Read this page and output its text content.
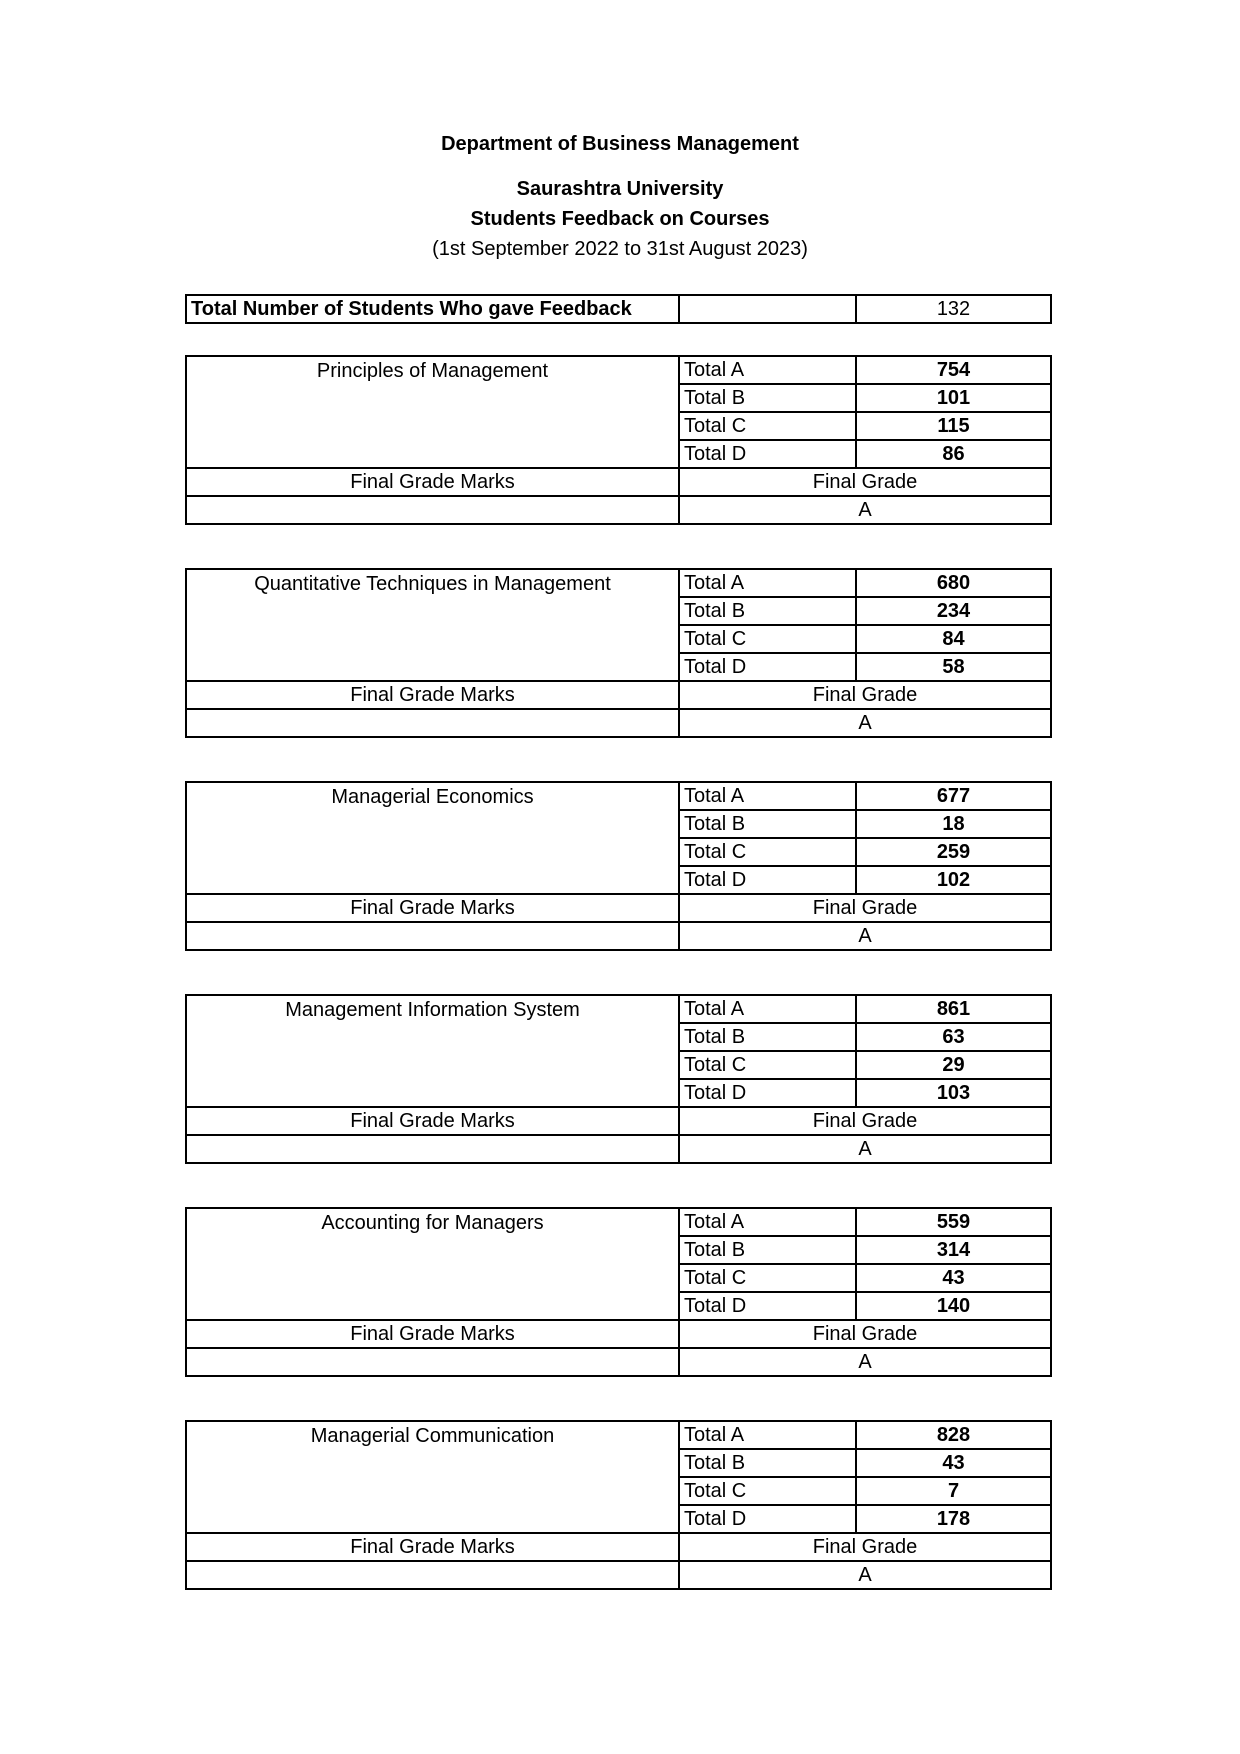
Department of Business Management
Saurashtra University
Students Feedback on Courses
(1st September 2022 to 31st August 2023)
Total Number of Students Who gave Feedback		132
Principles of Management	Total A	754
	Total B	101
	Total C	115
	Total D	86
Final Grade Marks	Final Grade	
	A	
Quantitative Techniques in Management	Total A	680
	Total B	234
	Total C	84
	Total D	58
Final Grade Marks	Final Grade	
	A	
Managerial Economics	Total A	677
	Total B	18
	Total C	259
	Total D	102
Final Grade Marks	Final Grade	
	A	
Management Information System	Total A	861
	Total B	63
	Total C	29
	Total D	103
Final Grade Marks	Final Grade	
	A	
Accounting for Managers	Total A	559
	Total B	314
	Total C	43
	Total D	140
Final Grade Marks	Final Grade	
	A	
Managerial Communication	Total A	828
	Total B	43
	Total C	7
	Total D	178
Final Grade Marks	Final Grade	
	A	
